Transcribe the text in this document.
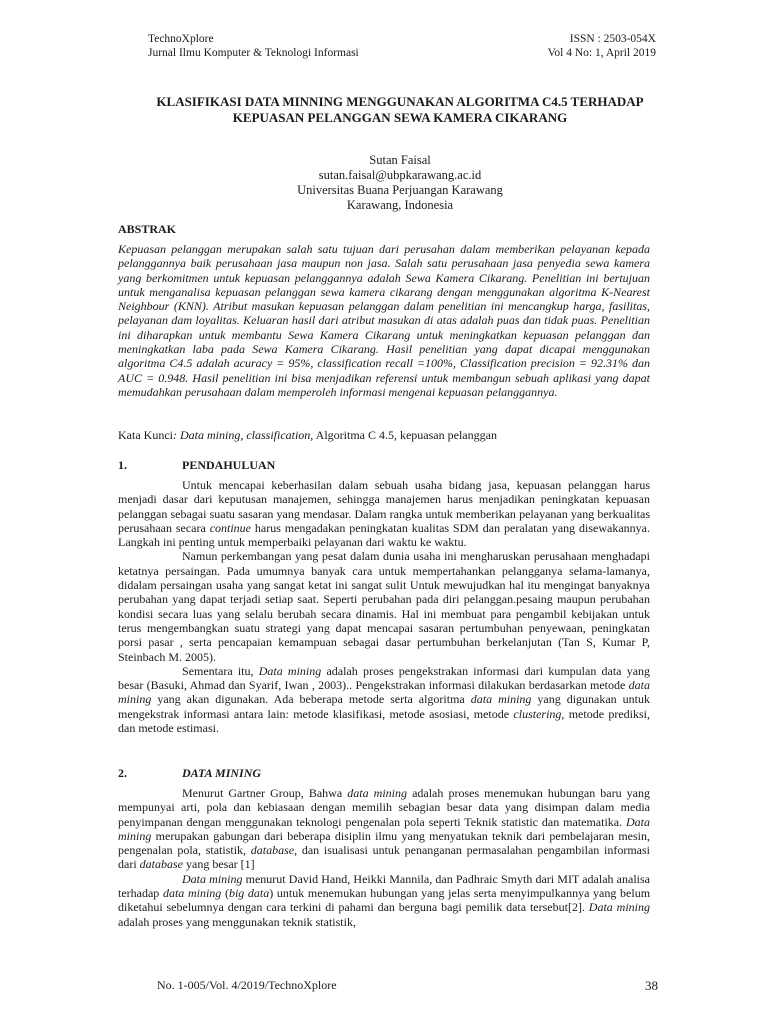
TechnoXplore
Jurnal Ilmu Komputer & Teknologi Informasi
ISSN : 2503-054X
Vol 4 No: 1, April 2019
KLASIFIKASI DATA MINNING MENGGUNAKAN ALGORITMA C4.5 TERHADAP KEPUASAN PELANGGAN SEWA KAMERA CIKARANG
Sutan Faisal
sutan.faisal@ubpkarawang.ac.id
Universitas Buana Perjuangan Karawang
Karawang, Indonesia
ABSTRAK
Kepuasan pelanggan merupakan salah satu tujuan dari perusahan dalam memberikan pelayanan kepada pelanggannya baik perusahaan jasa maupun non jasa. Salah satu perusahaan jasa penyedia sewa kamera yang berkomitmen untuk kepuasan pelanggannya adalah Sewa Kamera Cikarang. Penelitian ini bertujuan untuk menganalisa kepuasan pelanggan sewa kamera cikarang dengan menggunakan algoritma K-Nearest Neighbour (KNN). Atribut masukan kepuasan pelanggan dalam penelitian ini mencangkup harga, fasilitas, pelayanan dam loyalitas. Keluaran hasil dari atribut masukan di atas adalah puas dan tidak puas. Penelitian ini diharapkan untuk membantu Sewa Kamera Cikarang untuk meningkatkan kepuasan pelanggan dan meningkatkan laba pada Sewa Kamera Cikarang. Hasil penelitian yang dapat dicapai menggunakan algoritma C4.5 adalah acuracy = 95%, classification recall =100%, Classification precision = 92.31% dan AUC = 0.948. Hasil penelitian ini bisa menjadikan referensi untuk membangun sebuah aplikasi yang dapat memudahkan perusahaan dalam memperoleh informasi mengenai kepuasan pelanggannya.
Kata Kunci: Data mining, classification, Algoritma C 4.5, kepuasan pelanggan
1.	PENDAHULUAN

Untuk mencapai keberhasilan dalam sebuah usaha bidang jasa, kepuasan pelanggan harus menjadi dasar dari keputusan manajemen, sehingga manajemen harus menjadikan peningkatan kepuasan pelanggan sebagai suatu sasaran yang mendasar. Dalam rangka untuk memberikan pelayanan yang berkualitas perusahaan secara continue harus mengadakan peningkatan kualitas SDM dan peralatan yang disewakannya. Langkah ini penting untuk memperbaiki pelayanan dari waktu ke waktu.

Namun perkembangan yang pesat dalam dunia usaha ini mengharuskan perusahaan menghadapi ketatnya persaingan. Pada umumnya banyak cara untuk mempertahankan pelangganya selama-lamanya, didalam persaingan usaha yang sangat ketat ini sangat sulit Untuk mewujudkan hal itu mengingat banyaknya perubahan yang dapat terjadi setiap saat. Seperti perubahan pada diri pelanggan.pesaing maupun perubahan kondisi secara luas yang selalu berubah secara dinamis. Hal ini membuat para pengambil kebijakan untuk terus mengembangkan suatu strategi yang dapat mencapai sasaran pertumbuhan penyewaan, peningkatan porsi pasar , serta pencapaian kemampuan sebagai dasar pertumbuhan berkelanjutan (Tan S, Kumar P, Steinbach M. 2005).

Sementara itu, Data mining adalah proses pengekstrakan informasi dari kumpulan data yang besar (Basuki, Ahmad dan Syarif, Iwan , 2003).. Pengekstrakan informasi dilakukan berdasarkan metode data mining yang akan digunakan. Ada beberapa metode serta algoritma data mining yang digunakan untuk mengekstrak informasi antara lain: metode klasifikasi, metode asosiasi, metode clustering, metode prediksi, dan metode estimasi.

2.	DATA MINING

Menurut Gartner Group, Bahwa data mining adalah proses menemukan hubungan baru yang mempunyai arti, pola dan kebiasaan dengan memilih sebagian besar data yang disimpan dalam media penyimpanan dengan menggunakan teknologi pengenalan pola seperti Teknik statistic dan matematika. Data mining merupakan gabungan dari beberapa disiplin ilmu yang menyatukan teknik dari pembelajaran mesin, pengenalan pola, statistik, database, dan isualisasi untuk penanganan permasalahan pengambilan informasi dari database yang besar [1]

Data mining menurut David Hand, Heikki Mannila, dan Padhraic Smyth dari MIT adalah analisa terhadap data mining (big data) untuk menemukan hubungan yang jelas serta menyimpulkannya yang belum diketahui sebelumnya dengan cara terkini di pahami dan berguna bagi pemilik data tersebut[2]. Data mining adalah proses yang menggunakan teknik statistik,

No. 1-005/Vol. 4/2019/TechnoXplore	38
